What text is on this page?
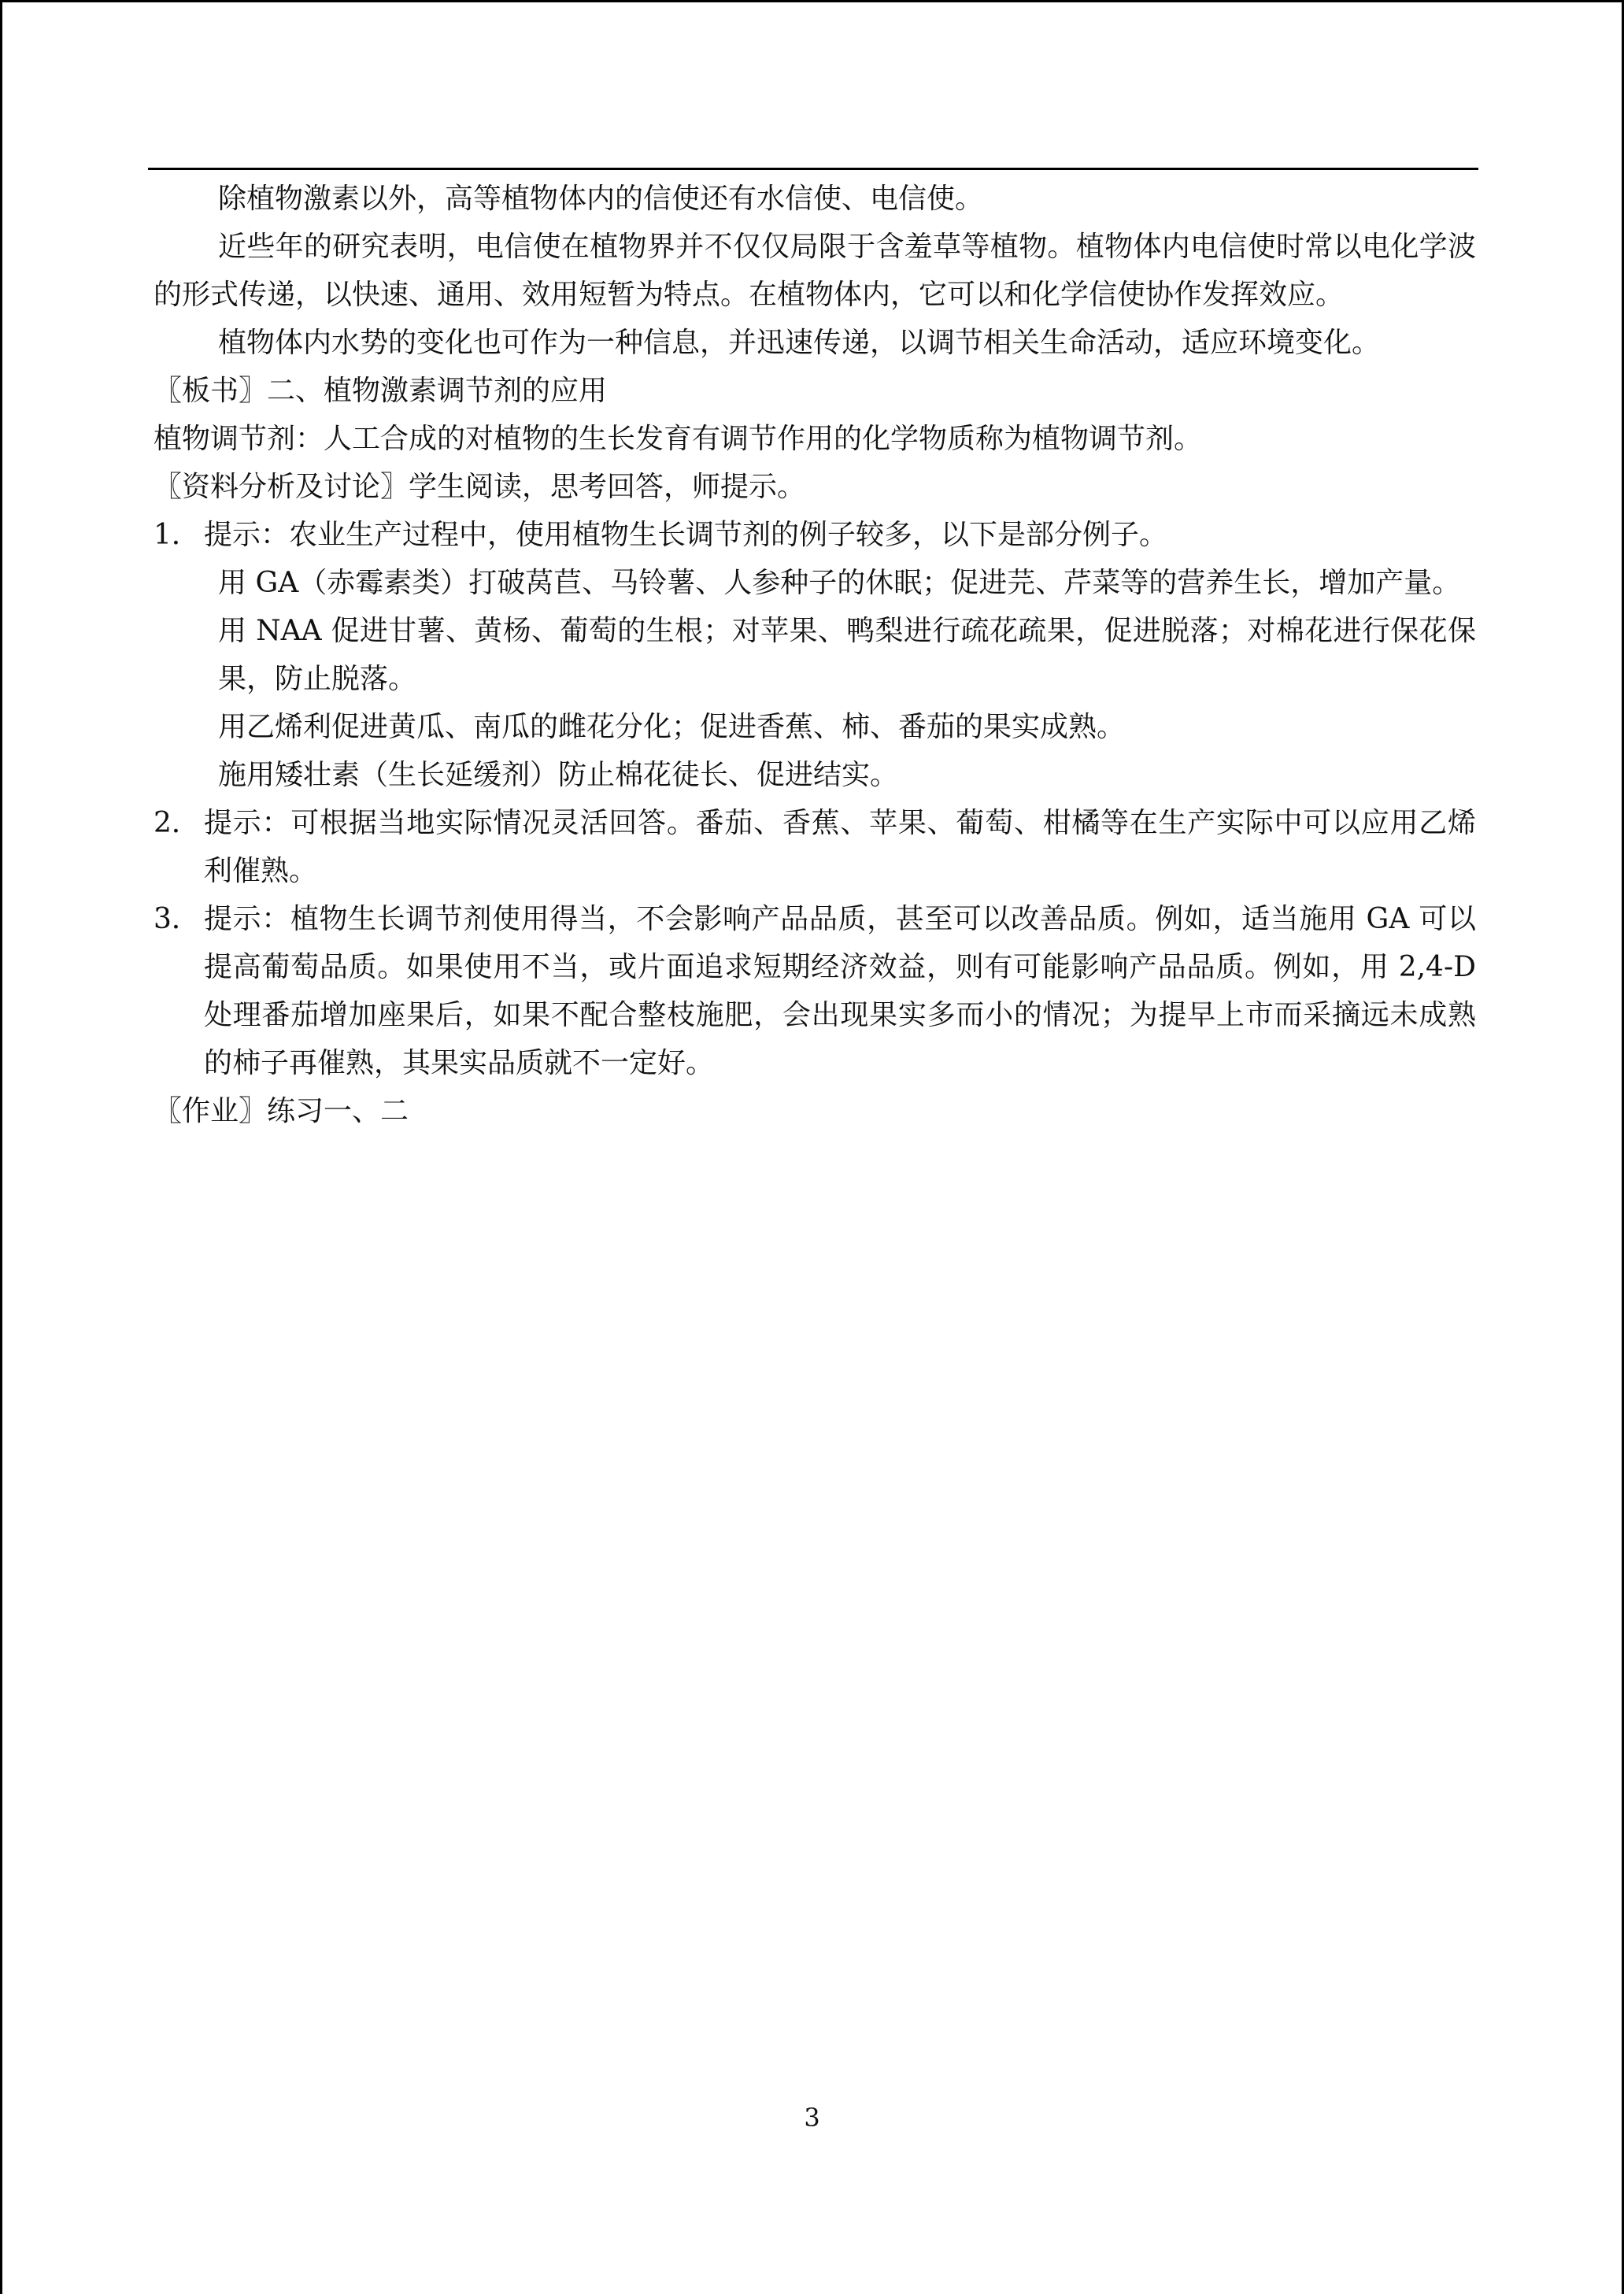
除植物激素以外，高等植物体内的信使还有水信使、电信使。

近些年的研究表明，电信使在植物界并不仅仅局限于含羞草等植物。植物体内电信使时常以电化学波的形式传递，以快速、通用、效用短暂为特点。在植物体内，它可以和化学信使协作发挥效应。

植物体内水势的变化也可作为一种信息，并迅速传递，以调节相关生命活动，适应环境变化。

〖板书〗二、植物激素调节剂的应用

植物调节剂：人工合成的对植物的生长发育有调节作用的化学物质称为植物调节剂。

〖资料分析及讨论〗学生阅读，思考回答，师提示。

1． 提示：农业生产过程中，使用植物生长调节剂的例子较多，以下是部分例子。

用 GA（赤霉素类）打破莴苣、马铃薯、人参种子的休眠；促进芫、芹菜等的营养生长，增加产量。

用 NAA 促进甘薯、黄杨、葡萄的生根；对苹果、鸭梨进行疏花疏果，促进脱落；对棉花进行保花保果，防止脱落。

用乙烯利促进黄瓜、南瓜的雌花分化；促进香蕉、柿、番茄的果实成熟。

施用矮壮素（生长延缓剂）防止棉花徒长、促进结实。

2． 提示：可根据当地实际情况灵活回答。番茄、香蕉、苹果、葡萄、柑橘等在生产实际中可以应用乙烯利催熟。
3． 提示：植物生长调节剂使用得当，不会影响产品品质，甚至可以改善品质。例如，适当施用 GA 可以提高葡萄品质。如果使用不当，或片面追求短期经济效益，则有可能影响产品品质。例如，用 2,4-D 处理番茄增加座果后，如果不配合整枝施肥，会出现果实多而小的情况；为提早上市而采摘远未成熟的柿子再催熟，其果实品质就不一定好。

〖作业〗练习一、二

3
